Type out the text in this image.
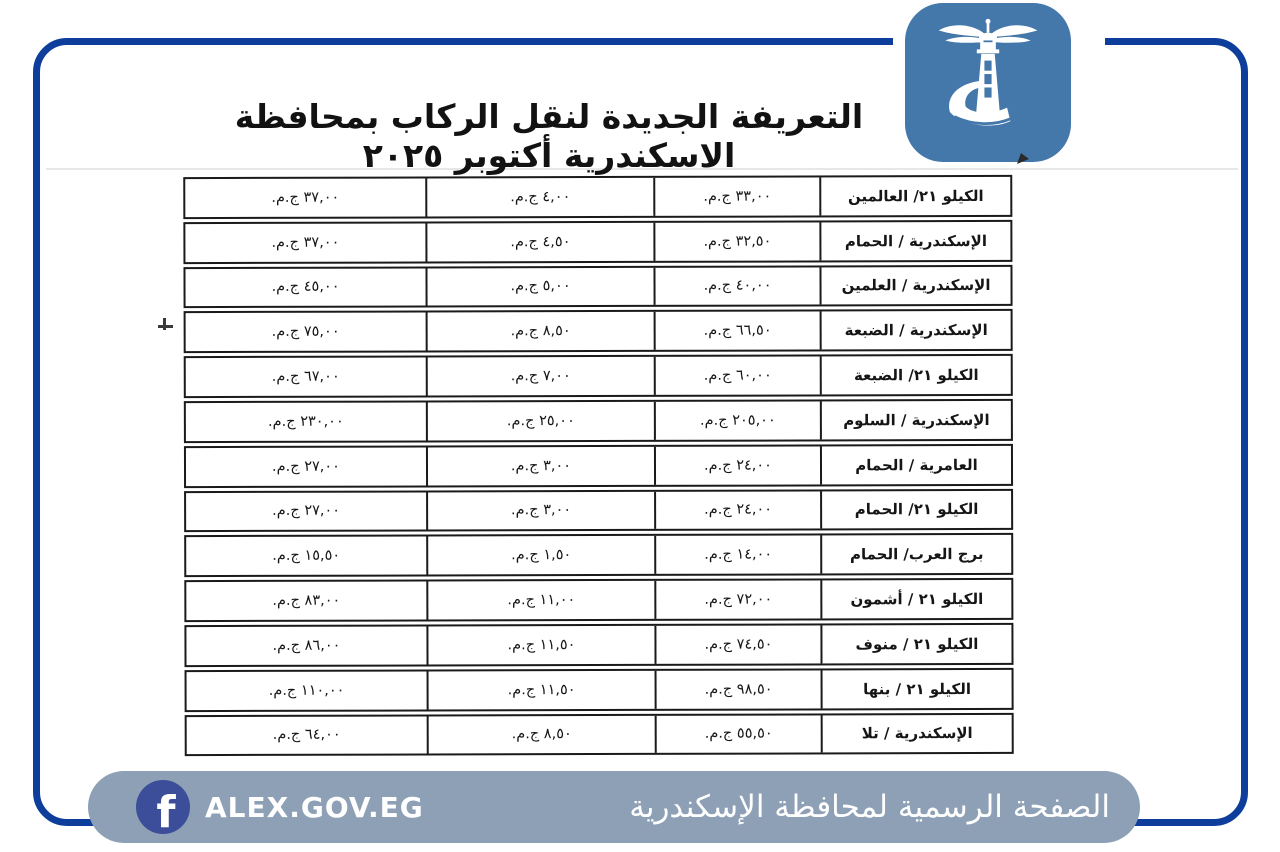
التعريفة الجديدة لنقل الركاب بمحافظة الاسكندرية أكتوبر ٢٠٢٥
الكيلو ٢١/ العالمين
٣٣,٠٠ ج.م.
٤,٠٠ ج.م.
٣٧,٠٠ ج.م.
الإسكندرية / الحمام
٣٢,٥٠ ج.م.
٤,٥٠ ج.م.
٣٧,٠٠ ج.م.
الإسكندرية / العلمين
٤٠,٠٠ ج.م.
٥,٠٠ ج.م.
٤٥,٠٠ ج.م.
الإسكندرية / الضبعة
٦٦,٥٠ ج.م.
٨,٥٠ ج.م.
٧٥,٠٠ ج.م.
الكيلو ٢١/ الضبعة
٦٠,٠٠ ج.م.
٧,٠٠ ج.م.
٦٧,٠٠ ج.م.
الإسكندرية / السلوم
٢٠٥,٠٠ ج.م.
٢٥,٠٠ ج.م.
٢٣٠,٠٠ ج.م.
العامرية / الحمام
٢٤,٠٠ ج.م.
٣,٠٠ ج.م.
٢٧,٠٠ ج.م.
الكيلو ٢١/ الحمام
٢٤,٠٠ ج.م.
٣,٠٠ ج.م.
٢٧,٠٠ ج.م.
برج العرب/ الحمام
١٤,٠٠ ج.م.
١,٥٠ ج.م.
١٥,٥٠ ج.م.
الكيلو ٢١ / أشمون
٧٢,٠٠ ج.م.
١١,٠٠ ج.م.
٨٣,٠٠ ج.م.
الكيلو ٢١ / منوف
٧٤,٥٠ ج.م.
١١,٥٠ ج.م.
٨٦,٠٠ ج.م.
الكيلو ٢١ / بنها
٩٨,٥٠ ج.م.
١١,٥٠ ج.م.
١١٠,٠٠ ج.م.
الإسكندرية / تلا
٥٥,٥٠ ج.م.
٨,٥٠ ج.م.
٦٤,٠٠ ج.م.
f ALEX.GOV.EG	الصفحة الرسمية لمحافظة الإسكندرية
